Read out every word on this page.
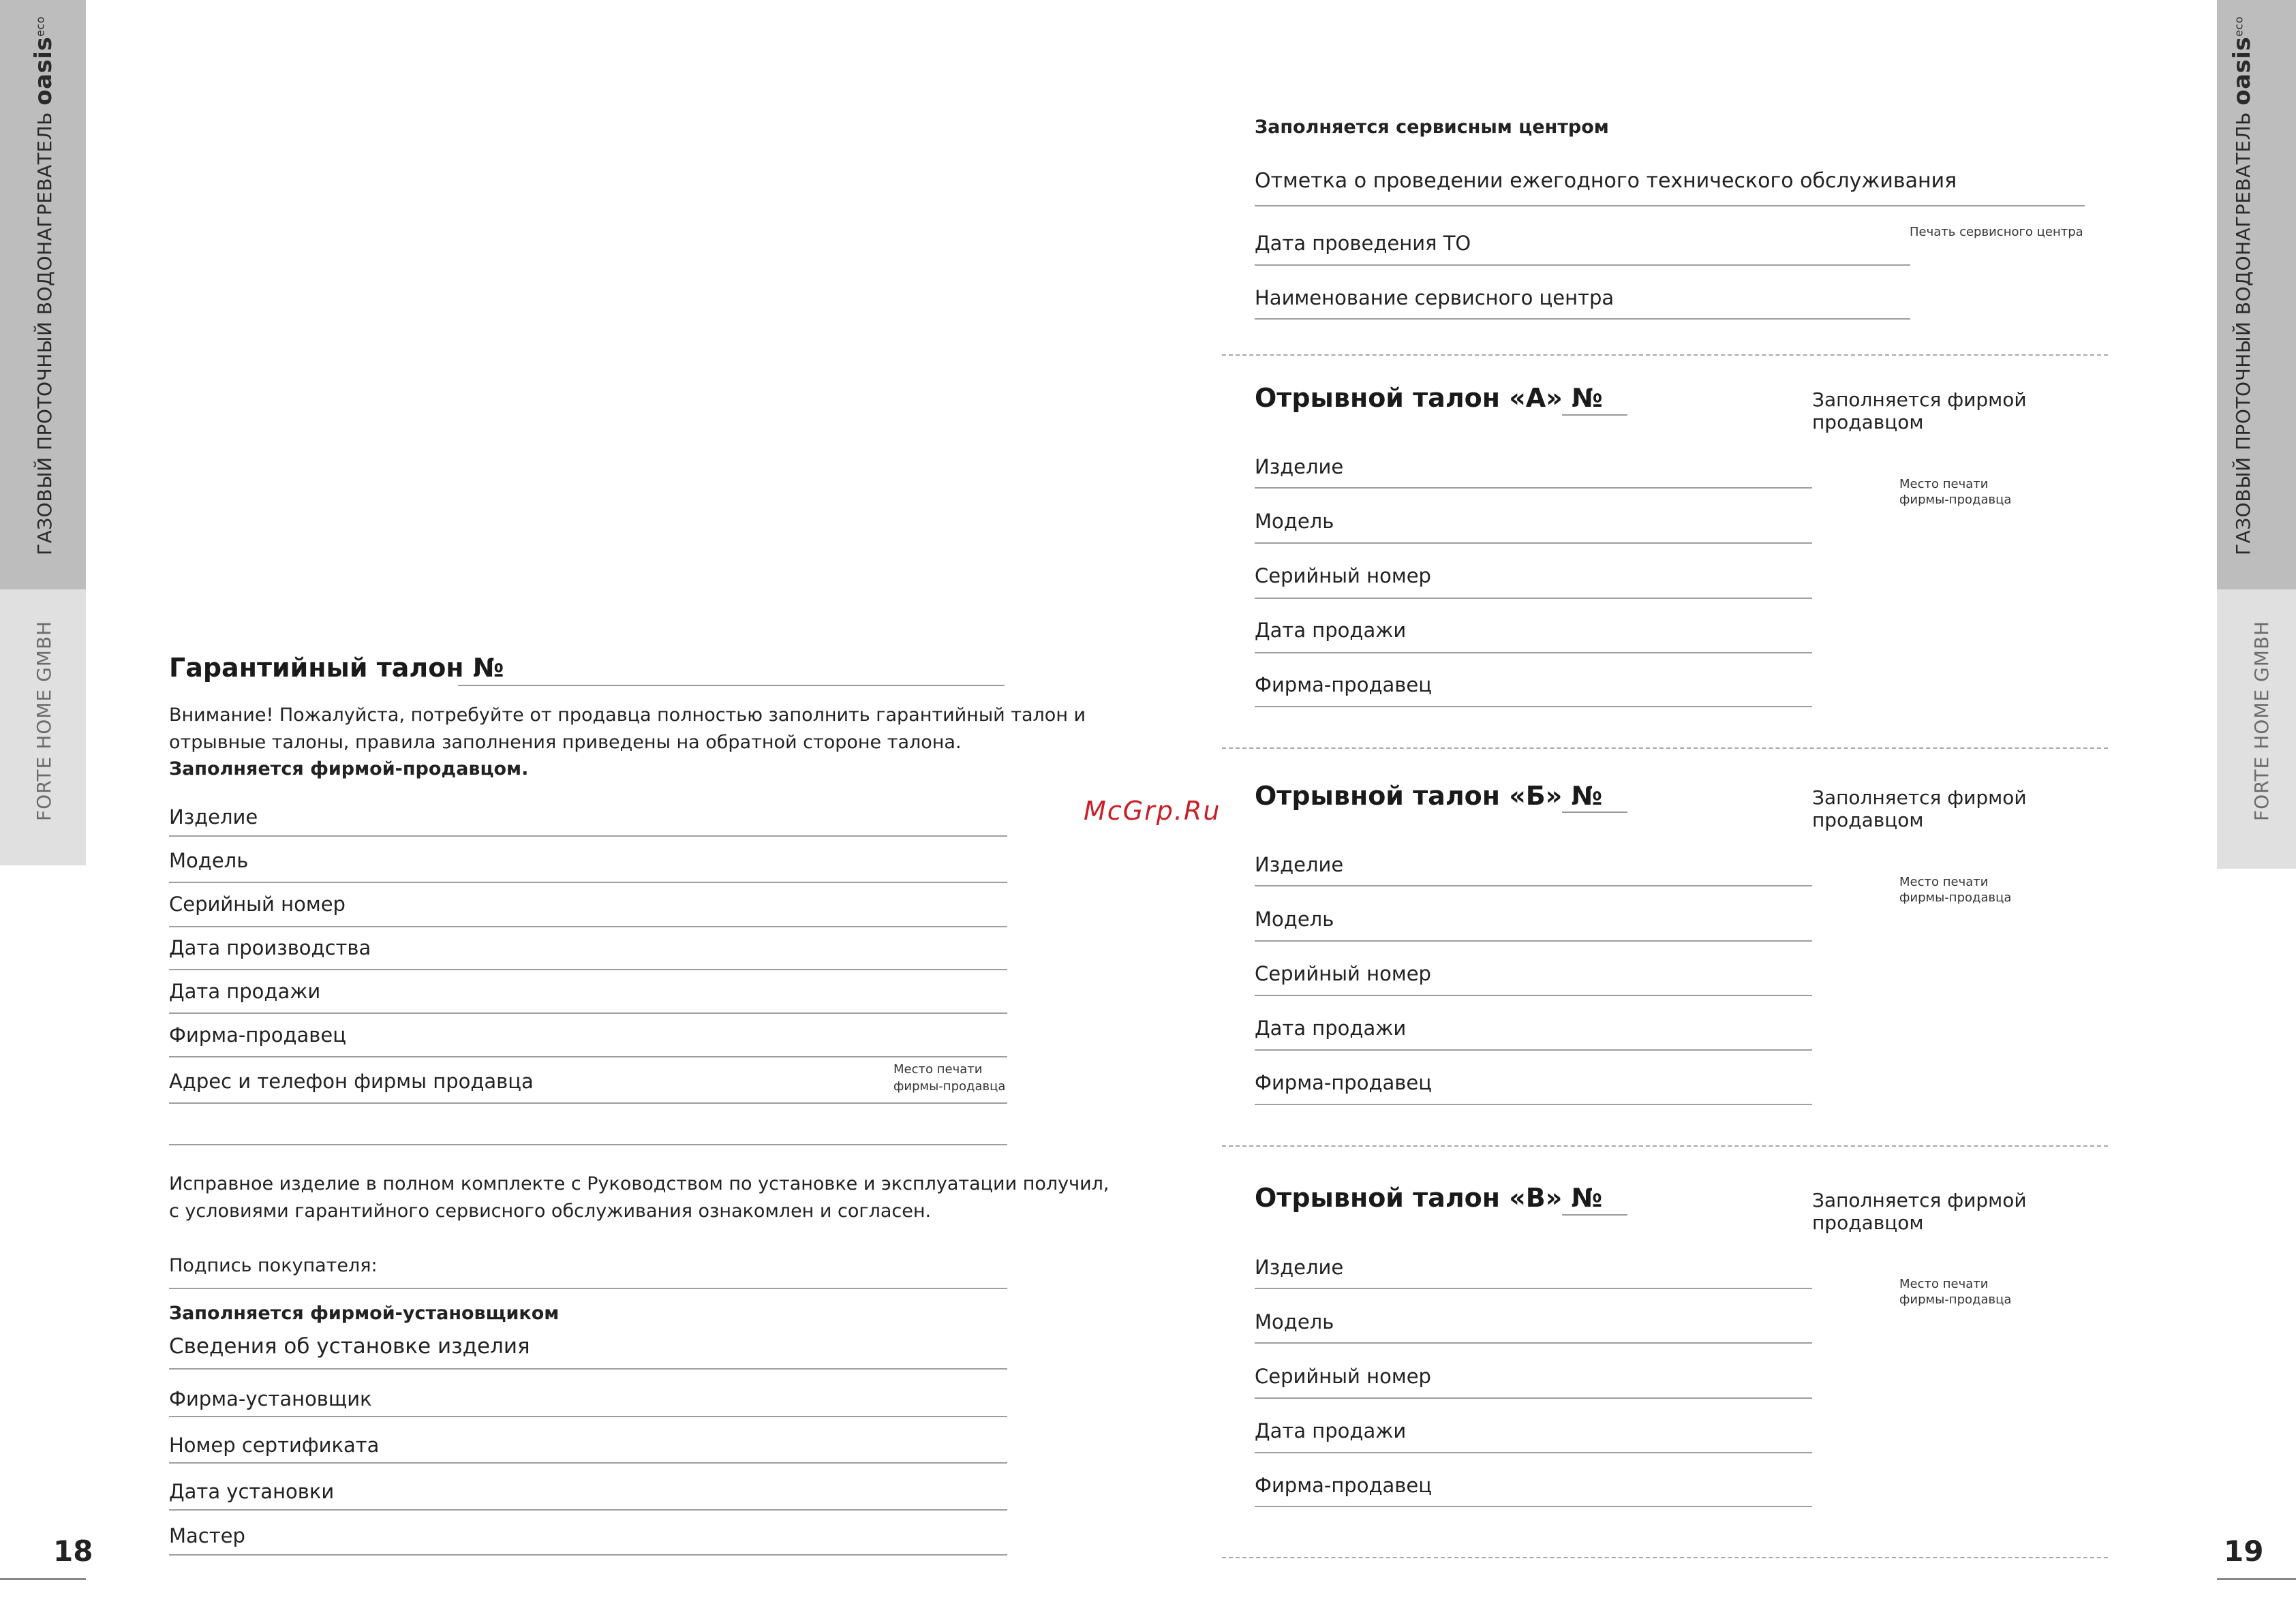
ГАЗОВЫЙ ПРОТОЧНЫЙ ВОДОНАГРЕВАТЕЛЬ oasis$^{eco}$
FORTE HOME GMBH
18
ГАЗОВЫЙ ПРОТОЧНЫЙ ВОДОНАГРЕВАТЕЛЬ oasis$^{eco}$
FORTE HOME GMBH
19
McGrp.Ru
Гарантийный талон №
Внимание! Пожалуйста, потребуйте от продавца полностью заполнить гарантийный талон и
отрывные талоны, правила заполнения приведены на обратной стороне талона.
Заполняется фирмой-продавцом.
Изделие
Модель
Серийный номер
Дата производства
Дата продажи
Фирма-продавец
Адрес и телефон фирмы продавца
Место печати
фирмы-продавца
Исправное изделие в полном комплекте с Руководством по установке и эксплуатации получил,
с условиями гарантийного сервисного обслуживания ознакомлен и согласен.
Подпись покупателя:
Заполняется фирмой-установщиком
Сведения об установке изделия
Фирма-установщик
Номер сертификата
Дата установки
Мастер
Заполняется сервисным центром
Отметка о проведении ежегодного технического обслуживания
Дата проведения ТО	Печать сервисного центра
Наименование сервисного центра
Отрывной талон «А» №	Заполняется фирмой
продавцом
Место печати
фирмы-продавца
Изделие
Модель
Серийный номер
Дата продажи
Фирма-продавец
Отрывной талон «Б» №	Заполняется фирмой
продавцом
Место печати
фирмы-продавца
Изделие
Модель
Серийный номер
Дата продажи
Фирма-продавец
Отрывной талон «В» №	Заполняется фирмой
продавцом
Место печати
фирмы-продавца
Изделие
Модель
Серийный номер
Дата продажи
Фирма-продавец
